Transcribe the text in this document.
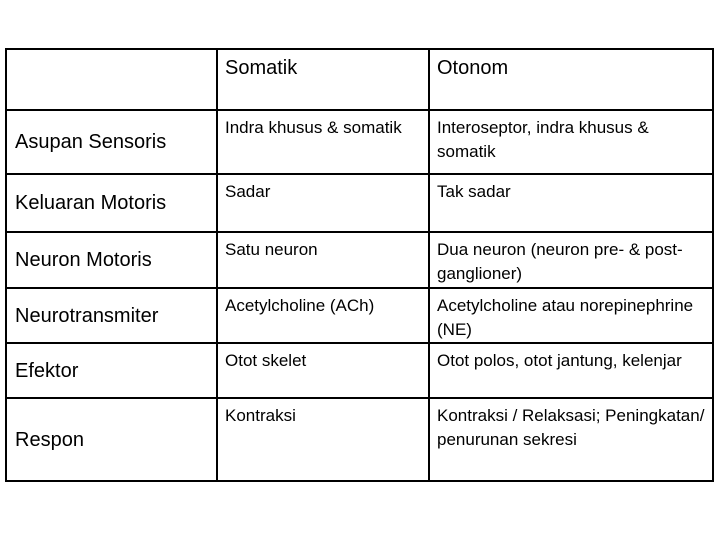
	Somatik	Otonom

Asupan Sensoris	Indra khusus & somatik	Interoseptor, indra khusus & somatik

Keluaran Motoris	Sadar	Tak sadar

Neuron Motoris	Satu neuron	Dua neuron (neuron pre- & post-ganglioner)

Neurotransmiter	Acetylcholine (ACh)	Acetylcholine atau norepinephrine (NE)

Efektor	Otot skelet	Otot polos, otot jantung, kelenjar

Respon	Kontraksi	Kontraksi / Relaksasi; Peningkatan/ penurunan sekresi
